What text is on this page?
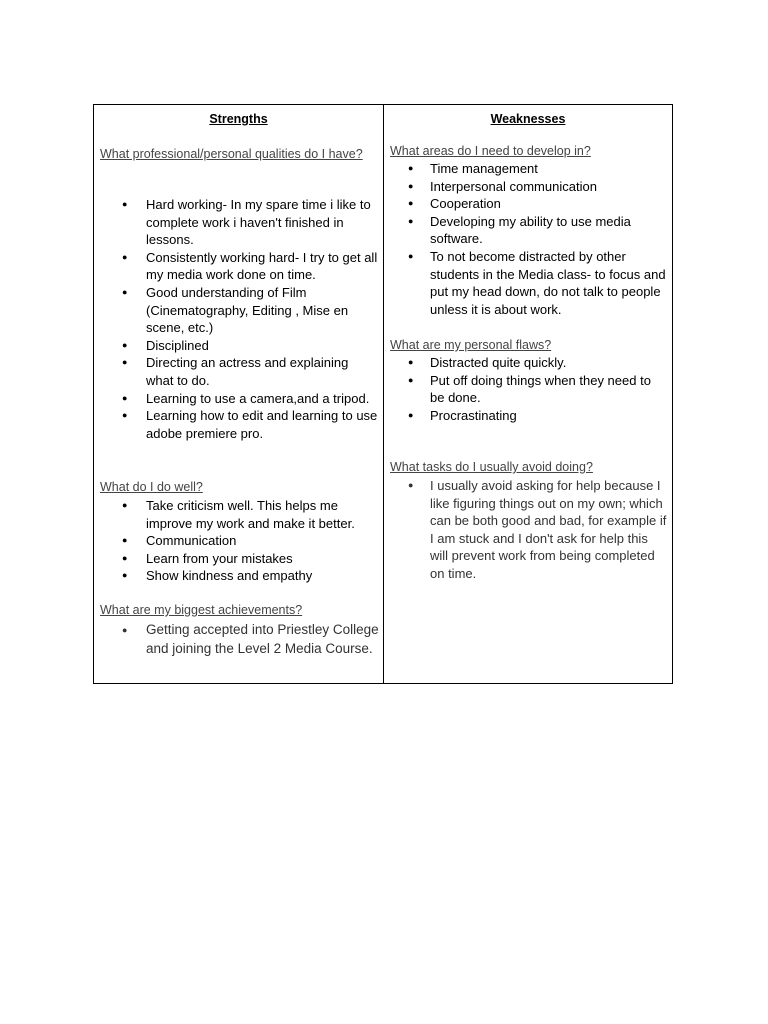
Strengths
What professional/personal qualities do I have?
● Hard working- In my spare time i like to complete work i haven't finished in lessons.
● Consistently working hard- I try to get all my media work done on time.
● Good understanding of Film (Cinematography, Editing , Mise en scene, etc.)
● Disciplined
● Directing an actress and explaining what to do.
● Learning to use a camera,and a tripod.
● Learning how to edit and learning to use adobe premiere pro.
What do I do well?
● Take criticism well. This helps me improve my work and make it better.
● Communication
● Learn from your mistakes
● Show kindness and empathy
What are my biggest achievements?
● Getting accepted into Priestley College and joining the Level 2 Media Course.
Weaknesses
What areas do I need to develop in?
● Time management
● Interpersonal communication
● Cooperation
● Developing my ability to use media software.
● To not become distracted by other students in the Media class- to focus and put my head down, do not talk to people unless it is about work.
What are my personal flaws?
● Distracted quite quickly.
● Put off doing things when they need to be done.
● Procrastinating
What tasks do I usually avoid doing?
● I usually avoid asking for help because I like figuring things out on my own; which can be both good and bad, for example if I am stuck and I don't ask for help this will prevent work from being completed on time.
